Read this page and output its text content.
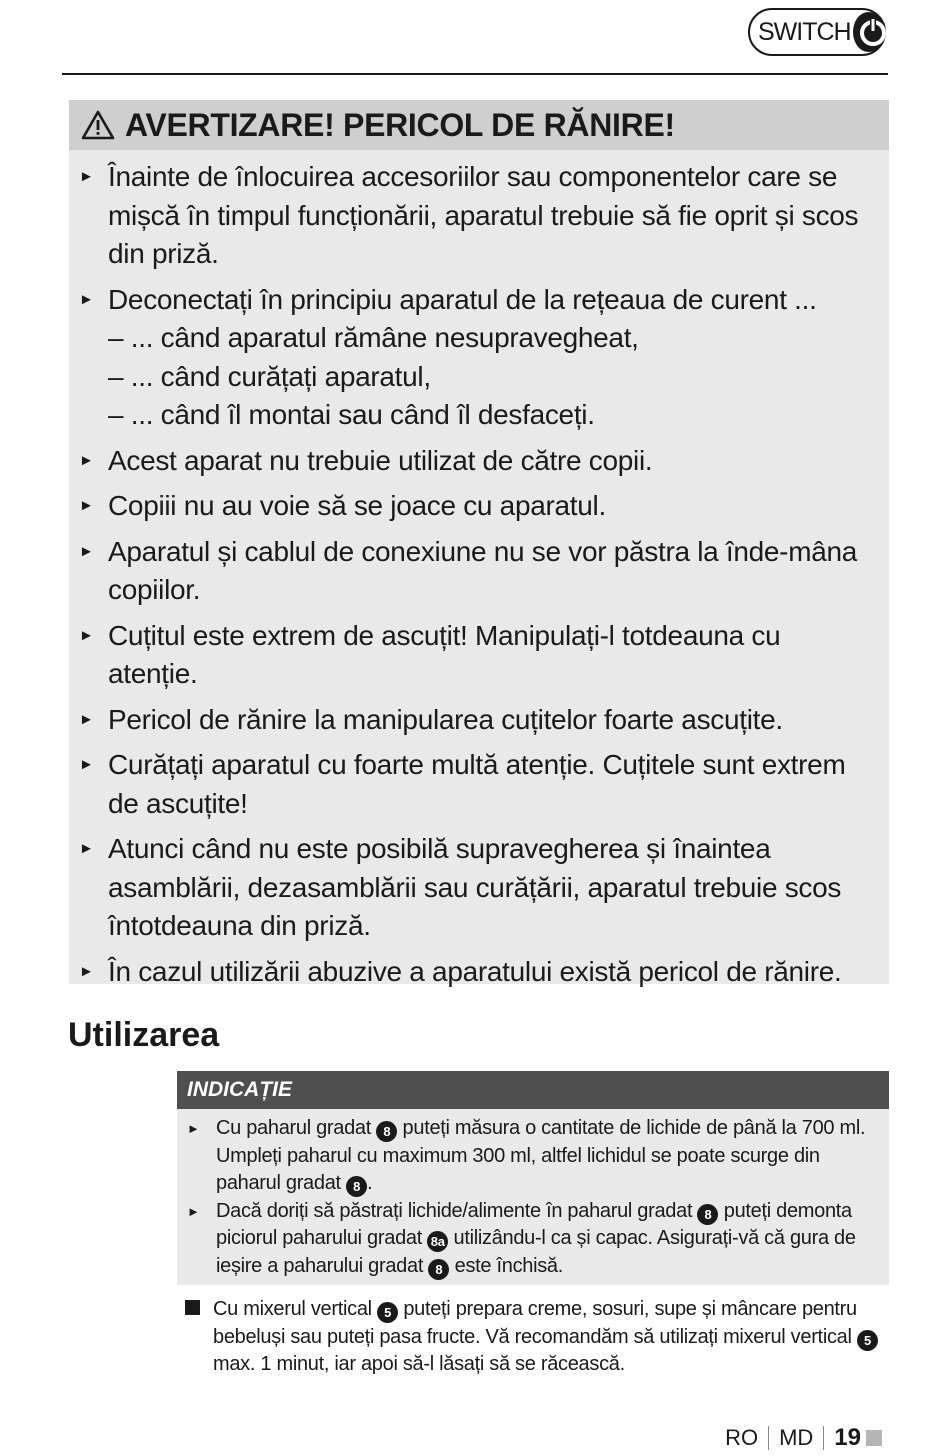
SWITCH
AVERTIZARE! PERICOL DE RĂNIRE!
► Înainte de înlocuirea accesoriilor sau componentelor care se mișcă în timpul funcționării, aparatul trebuie să fie oprit și scos din priză.
► Deconectați în principiu aparatul de la rețeaua de curent ...
– ... când aparatul rămâne nesupravegheat,
– ... când curățați aparatul,
– ... când îl montai sau când îl desfaceți.
► Acest aparat nu trebuie utilizat de către copii.
► Copiii nu au voie să se joace cu aparatul.
► Aparatul și cablul de conexiune nu se vor păstra la înde-mâna copiilor.
► Cuțitul este extrem de ascuțit! Manipulați-l totdeauna cu atenție.
► Pericol de rănire la manipularea cuțitelor foarte ascuțite.
► Curățați aparatul cu foarte multă atenție. Cuțitele sunt extrem de ascuțite!
► Atunci când nu este posibilă supravegherea și înaintea asamblării, dezasamblării sau curățării, aparatul trebuie scos întotdeauna din priză.
► În cazul utilizării abuzive a aparatului există pericol de rănire.
Utilizarea
INDICAȚIE
► Cu paharul gradat 8 puteți măsura o cantitate de lichide de până la 700 ml. Umpleți paharul cu maximum 300 ml, altfel lichidul se poate scurge din paharul gradat 8 .
► Dacă doriți să păstrați lichide/alimente în paharul gradat 8 puteți demonta piciorul paharului gradat 8a utilizându-l ca și capac. Asigurați-vă că gura de ieșire a paharului gradat 8 este închisă.
Cu mixerul vertical 5 puteți prepara creme, sosuri, supe și mâncare pentru bebeluși sau puteți pasa fructe. Vă recomandăm să utilizați mixerul vertical 5 max. 1 minut, iar apoi să-l lăsați să se răcească.
RO MD 19
